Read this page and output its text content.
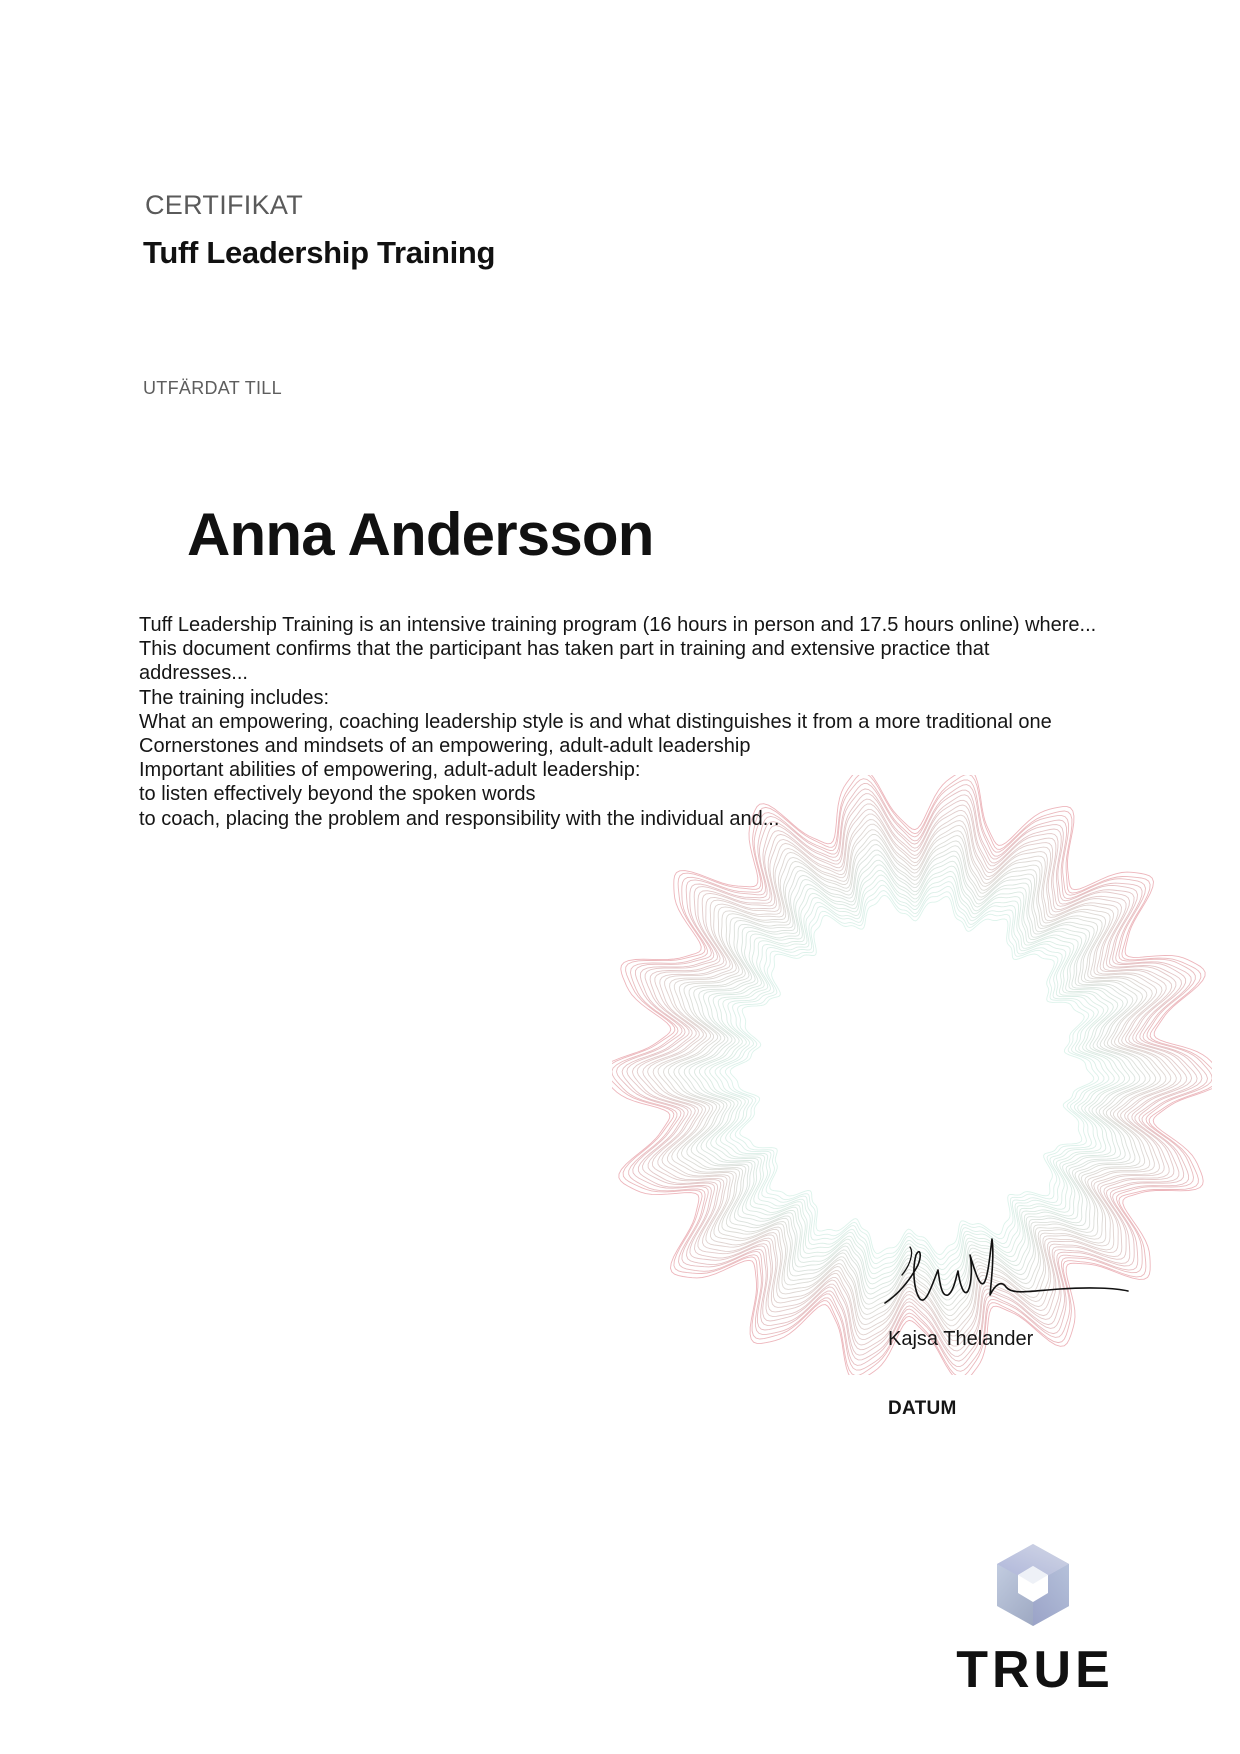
CERTIFIKAT
Tuff Leadership Training
UTFÄRDAT TILL
Anna Andersson
Tuff Leadership Training is an intensive training program (16 hours in person and 17.5 hours online) where...
This document confirms that the participant has taken part in training and extensive practice that
addresses...
The training includes:
What an empowering, coaching leadership style is and what distinguishes it from a more traditional one
Cornerstones and mindsets of an empowering, adult-adult leadership
Important abilities of empowering, adult-adult leadership:
to listen effectively beyond the spoken words
to coach, placing the problem and responsibility with the individual and...
Kajsa Thelander
DATUM
TRUE
